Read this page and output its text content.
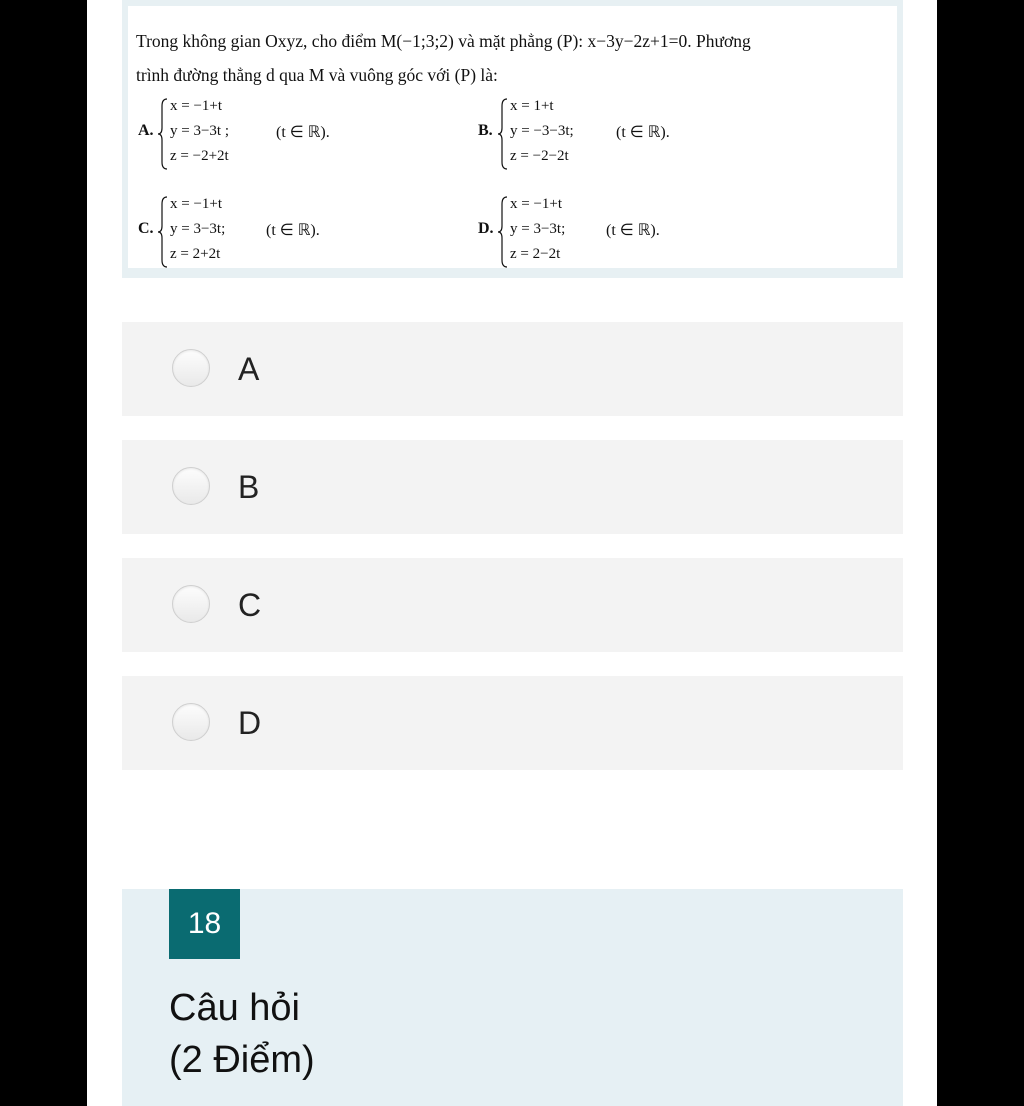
Trong không gian Oxyz, cho điểm M(−1;3;2) và mặt phẳng (P): x−3y−2z+1=0. Phương
trình đường thẳng d qua M và vuông góc với (P) là:
A.
x = −1+t
y = 3−3t ;
z = −2+2t
(t ∈ ℝ).	B.
x = 1+t
y = −3−3t;
z = −2−2t
(t ∈ ℝ).
C.
x = −1+t
y = 3−3t;
z = 2+2t
(t ∈ ℝ).	D.
x = −1+t
y = 3−3t;
z = 2−2t
(t ∈ ℝ).
A
B
C
D
18
Câu hỏi
(2 Điểm)
